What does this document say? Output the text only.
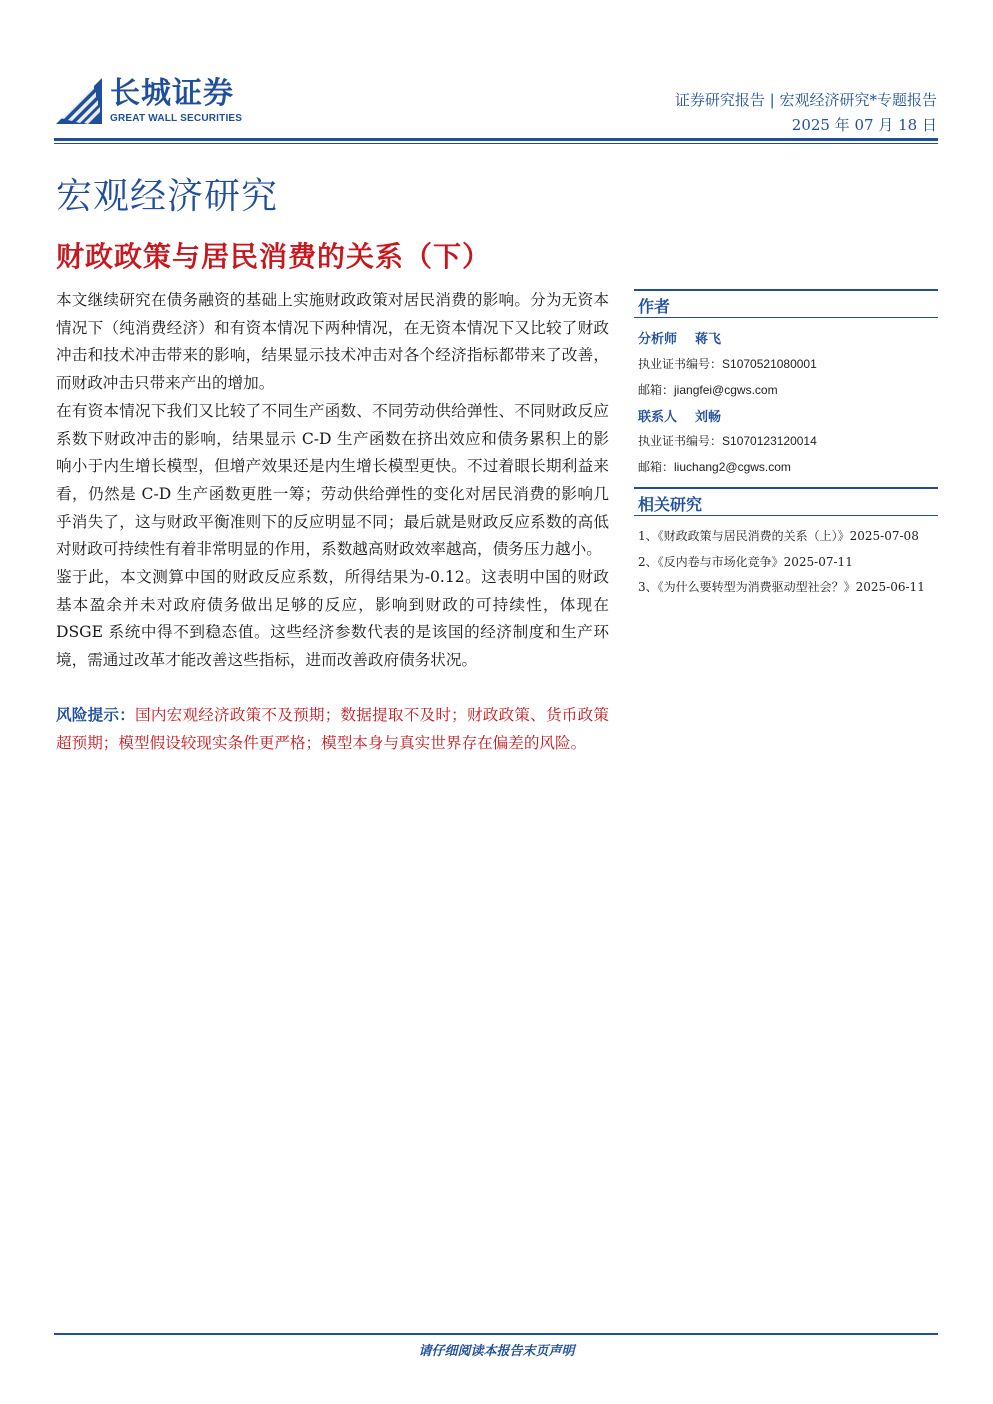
长城证券
GREAT WALL SECURITIES
证券研究报告 | 宏观经济研究*专题报告
2025 年 07 月 18 日
宏观经济研究
财政政策与居民消费的关系（下）

本文继续研究在债务融资的基础上实施财政政策对居民消费的影响。分为无资本情况下（纯消费经济）和有资本情况下两种情况，在无资本情况下又比较了财政冲击和技术冲击带来的影响，结果显示技术冲击对各个经济指标都带来了改善，而财政冲击只带来产出的增加。

在有资本情况下我们又比较了不同生产函数、不同劳动供给弹性、不同财政反应系数下财政冲击的影响，结果显示 C-D 生产函数在挤出效应和债务累积上的影响小于内生增长模型，但增产效果还是内生增长模型更快。不过着眼长期利益来看，仍然是 C-D 生产函数更胜一筹；劳动供给弹性的变化对居民消费的影响几乎消失了，这与财政平衡准则下的反应明显不同；最后就是财政反应系数的高低对财政可持续性有着非常明显的作用，系数越高财政效率越高，债务压力越小。

鉴于此，本文测算中国的财政反应系数，所得结果为-0.12。这表明中国的财政基本盈余并未对政府债务做出足够的反应，影响到财政的可持续性，体现在 DSGE 系统中得不到稳态值。这些经济参数代表的是该国的经济制度和生产环境，需通过改革才能改善这些指标，进而改善政府债务状况。

风险提示：国内宏观经济政策不及预期；数据提取不及时；财政政策、货币政策超预期；模型假设较现实条件更严格；模型本身与真实世界存在偏差的风险。
作者
分析师 蒋飞
执业证书编号：S1070521080001
邮箱：jiangfei@cgws.com
联系人 刘畅
执业证书编号：S1070123120014
邮箱：liuchang2@cgws.com
相关研究
1、《财政政策与居民消费的关系（上）》2025-07-08
2、《反内卷与市场化竞争》2025-07-11
3、《为什么要转型为消费驱动型社会？》2025-06-11
请仔细阅读本报告末页声明
